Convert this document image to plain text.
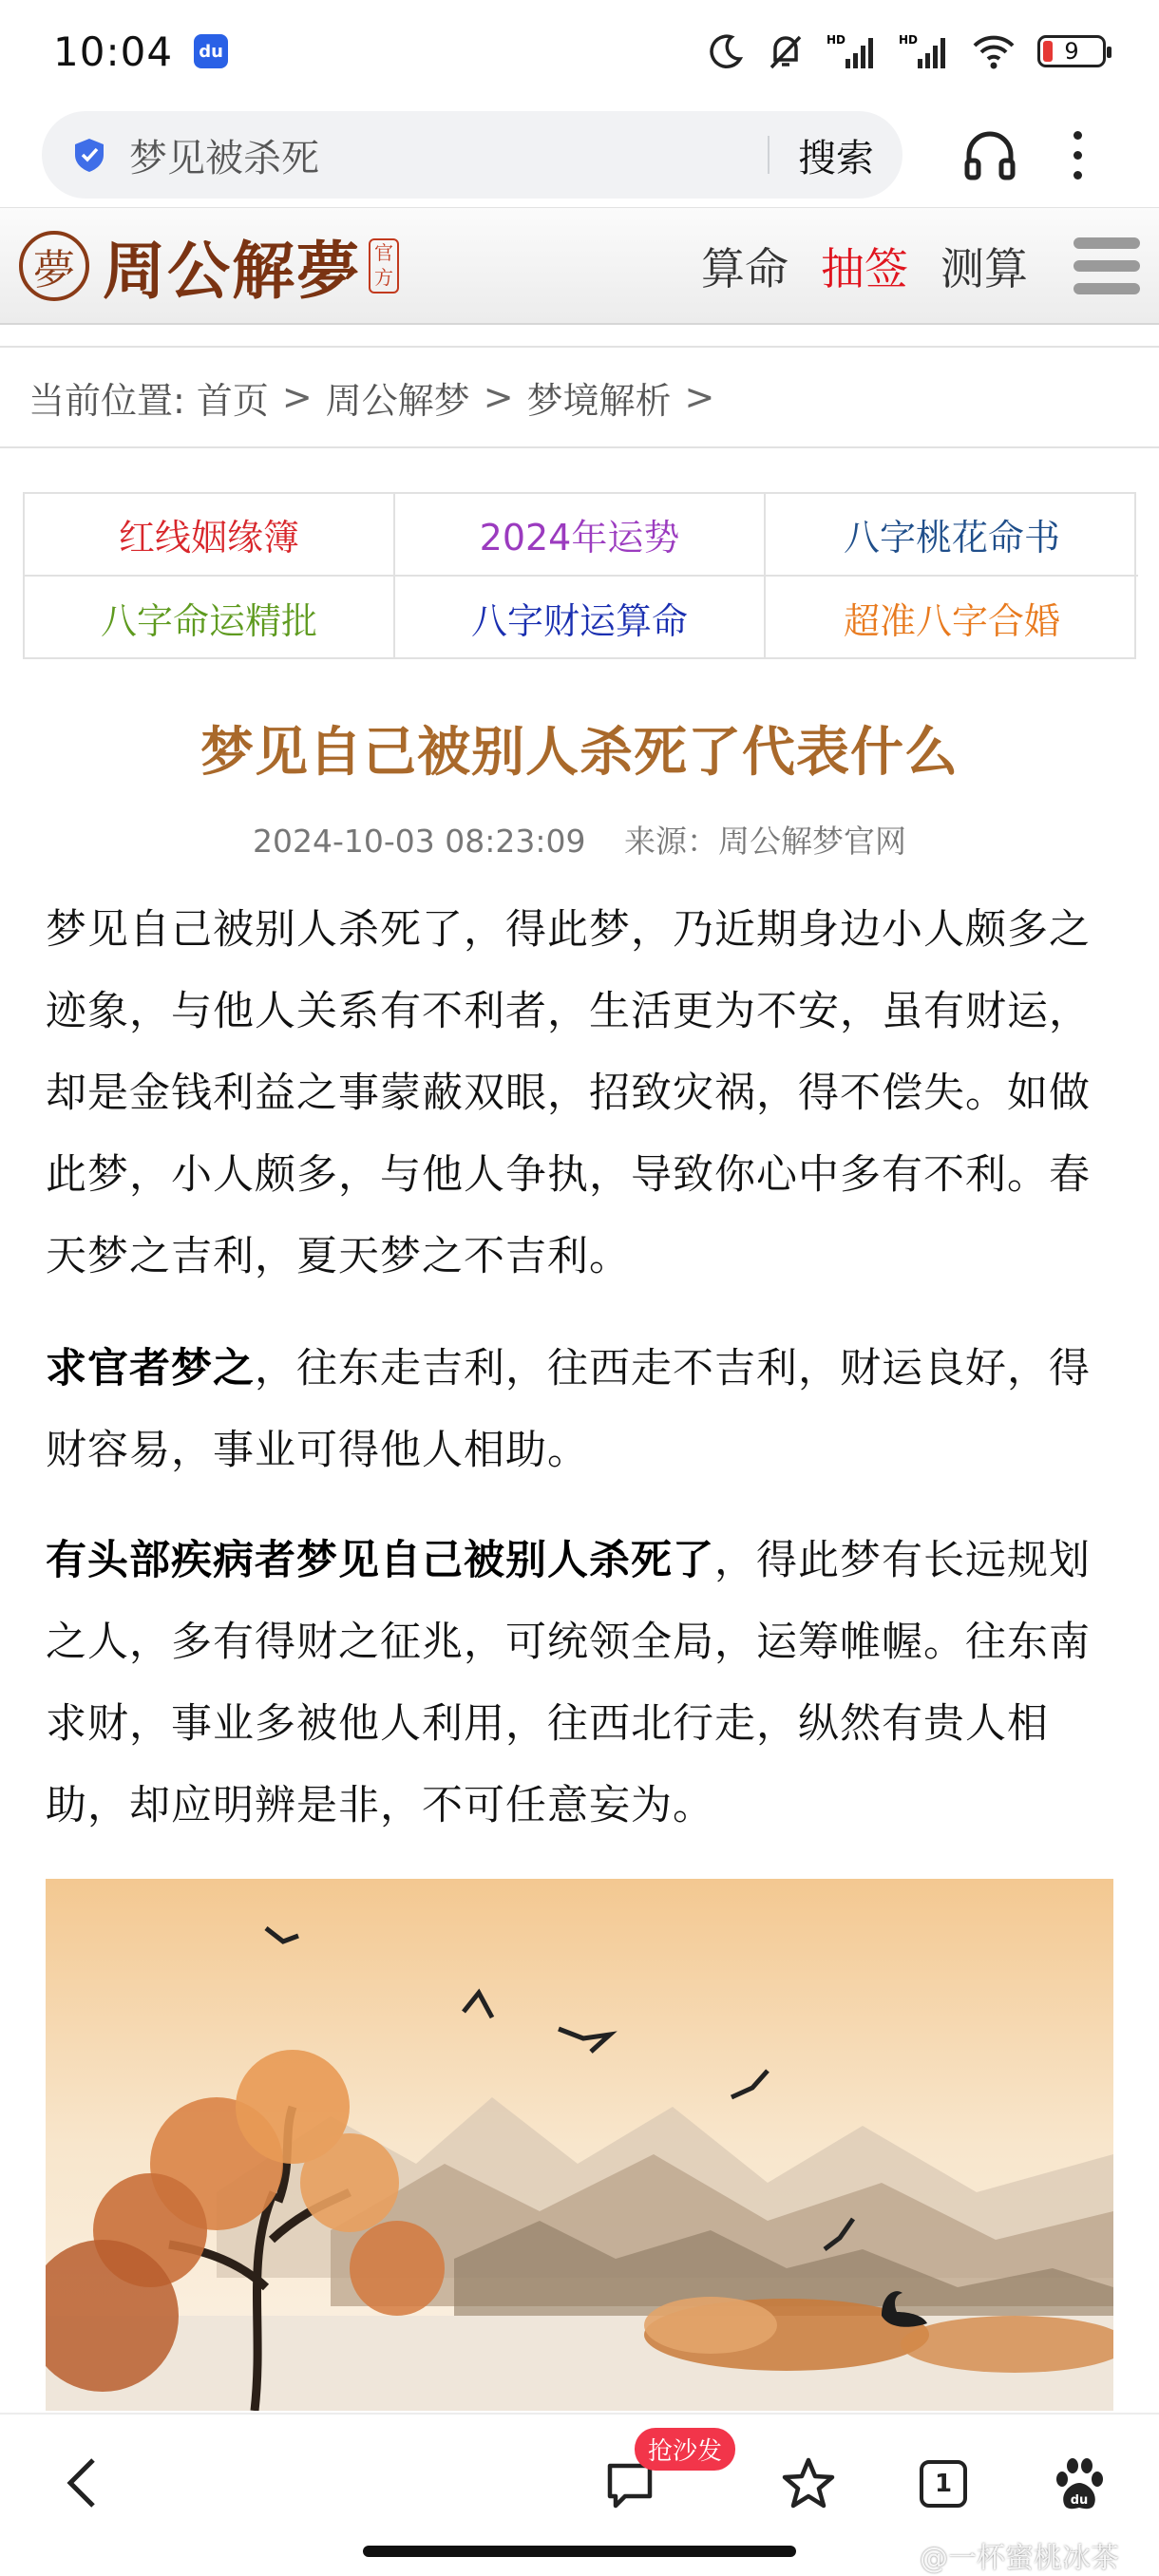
10:04 du
HD	HD	9
梦见被杀死	搜索
夢 周公解夢 官方	算命 抽签 测算
当前位置: 首页 > 周公解梦 > 梦境解析 >
红线姻缘簿	2024年运势	八字桃花命书
八字命运精批	八字财运算命	超准八字合婚
梦见自己被别人杀死了代表什么
2024-10-03 08:23:09 来源：周公解梦官网

梦见自己被别人杀死了，得此梦，乃近期身边小人颇多之迹象，与他人关系有不利者，生活更为不安，虽有财运，却是金钱利益之事蒙蔽双眼，招致灾祸，得不偿失。如做此梦，小人颇多，与他人争执，导致你心中多有不利。春天梦之吉利，夏天梦之不吉利。

求官者梦之，往东走吉利，往西走不吉利，财运良好，得财容易，事业可得他人相助。

有头部疾病者梦见自己被别人杀死了，得此梦有长远规划之人，多有得财之征兆，可统领全局，运筹帷幄。往东南求财，事业多被他人利用，往西北行走，纵然有贵人相助，却应明辨是非，不可任意妄为。

抢沙发
1
du
@一杯蜜桃冰茶
